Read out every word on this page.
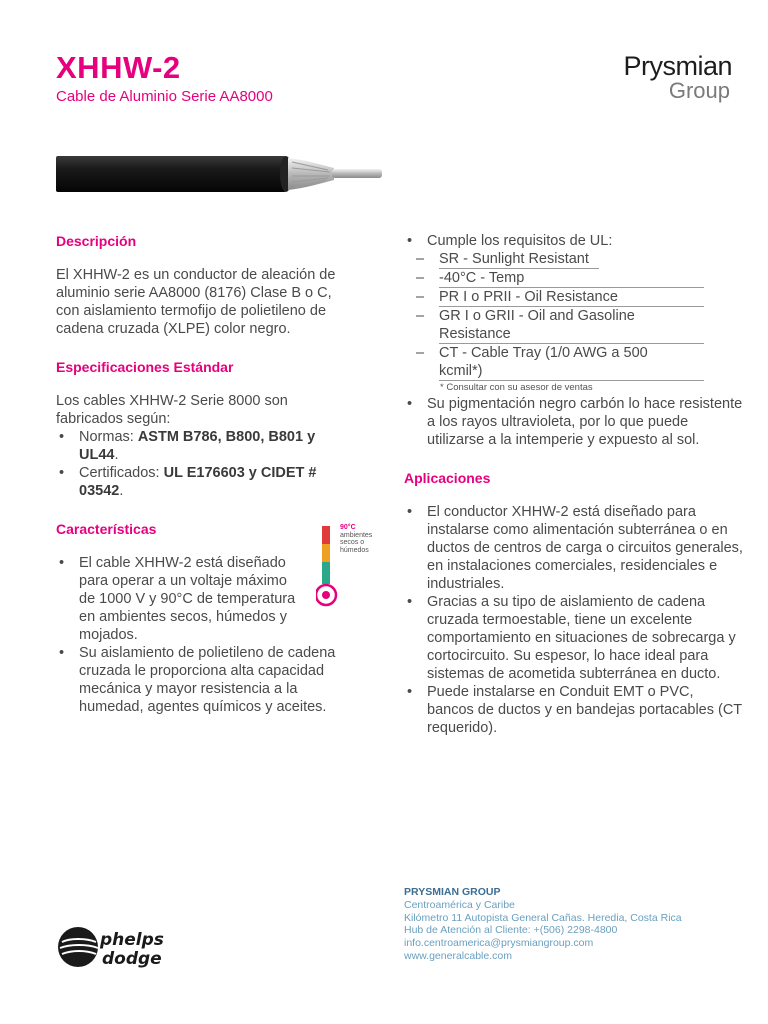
XHHW-2
Cable de Aluminio Serie AA8000
Prysmian
Group
Descripción
El XHHW-2 es un conductor de aleación de aluminio serie AA8000 (8176) Clase B o C, con aislamiento termofijo de polietileno de cadena cruzada (XLPE) color negro.
Especificaciones Estándar
Los cables XHHW-2 Serie 8000 son fabricados según:
• Normas: ASTM B786, B800, B801 y UL44.
• Certificados: UL E176603 y CIDET # 03542.
Características
• El cable XHHW-2 está diseñado para operar a un voltaje máximo de 1000 V y 90°C de temperatura en ambientes secos, húmedos y mojados.
• Su aislamiento de polietileno de cadena cruzada le proporciona alta capacidad mecánica y mayor resistencia a la humedad, agentes químicos y aceites.
90°C
ambientes secos o húmedos
• Cumple los requisitos de UL:
– SR - Sunlight Resistant
– -40°C - Temp
– PR I o PRII - Oil Resistance
– GR I o GRII - Oil and Gasoline Resistance
– CT - Cable Tray (1/0 AWG a 500 kcmil*)
* Consultar con su asesor de ventas
• Su pigmentación negro carbón lo hace resistente a los rayos ultravioleta, por lo que puede utilizarse a la intemperie y expuesto al sol.
Aplicaciones
• El conductor XHHW-2 está diseñado para instalarse como alimentación subterránea o en ductos de centros de carga o circuitos generales, en instalaciones comerciales, residenciales e industriales.
• Gracias a su tipo de aislamiento de cadena cruzada termoestable, tiene un excelente comportamiento en situaciones de sobrecarga y cortocircuito. Su espesor, lo hace ideal para sistemas de acometida subterránea en ducto.
• Puede instalarse en Conduit EMT o PVC, bancos de ductos y en bandejas portacables (CT requerido).
PRYSMIAN GROUP
Centroamérica y Caribe
Kilómetro 11 Autopista General Cañas. Heredia, Costa Rica
Hub de Atención al Cliente: +(506) 2298-4800
info.centroamerica@prysmiangroup.com
www.generalcable.com
phelps
dodge
